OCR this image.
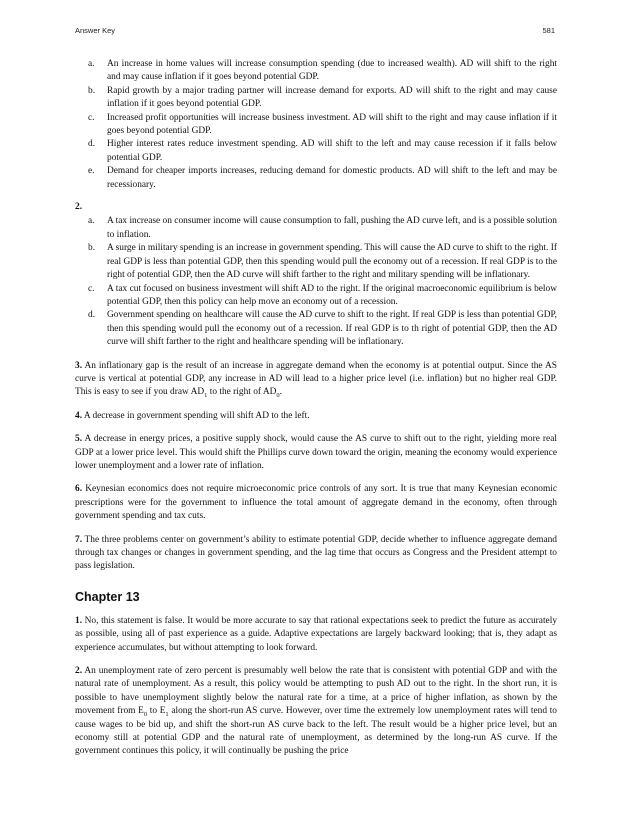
Answer Key	581
a. An increase in home values will increase consumption spending (due to increased wealth). AD will shift to the right and may cause inflation if it goes beyond potential GDP.
b. Rapid growth by a major trading partner will increase demand for exports. AD will shift to the right and may cause inflation if it goes beyond potential GDP.
c. Increased profit opportunities will increase business investment. AD will shift to the right and may cause inflation if it goes beyond potential GDP.
d. Higher interest rates reduce investment spending. AD will shift to the left and may cause recession if it falls below potential GDP.
e. Demand for cheaper imports increases, reducing demand for domestic products. AD will shift to the left and may be recessionary.
2.
a. A tax increase on consumer income will cause consumption to fall, pushing the AD curve left, and is a possible solution to inflation.
b. A surge in military spending is an increase in government spending. This will cause the AD curve to shift to the right. If real GDP is less than potential GDP, then this spending would pull the economy out of a recession. If real GDP is to the right of potential GDP, then the AD curve will shift farther to the right and military spending will be inflationary.
c. A tax cut focused on business investment will shift AD to the right. If the original macroeconomic equilibrium is below potential GDP, then this policy can help move an economy out of a recession.
d. Government spending on healthcare will cause the AD curve to shift to the right. If real GDP is less than potential GDP, then this spending would pull the economy out of a recession. If real GDP is to th right of potential GDP, then the AD curve will shift farther to the right and healthcare spending will be inflationary.

3. An inflationary gap is the result of an increase in aggregate demand when the economy is at potential output. Since the AS curve is vertical at potential GDP, any increase in AD will lead to a higher price level (i.e. inflation) but no higher real GDP. This is easy to see if you draw $AD_1$ to the right of $AD_0$.

4. A decrease in government spending will shift AD to the left.

5. A decrease in energy prices, a positive supply shock, would cause the AS curve to shift out to the right, yielding more real GDP at a lower price level. This would shift the Phillips curve down toward the origin, meaning the economy would experience lower unemployment and a lower rate of inflation.

6. Keynesian economics does not require microeconomic price controls of any sort. It is true that many Keynesian economic prescriptions were for the government to influence the total amount of aggregate demand in the economy, often through government spending and tax cuts.

7. The three problems center on government’s ability to estimate potential GDP, decide whether to influence aggregate demand through tax changes or changes in government spending, and the lag time that occurs as Congress and the President attempt to pass legislation.

Chapter 13

1. No, this statement is false. It would be more accurate to say that rational expectations seek to predict the future as accurately as possible, using all of past experience as a guide. Adaptive expectations are largely backward looking; that is, they adapt as experience accumulates, but without attempting to look forward.

2. An unemployment rate of zero percent is presumably well below the rate that is consistent with potential GDP and with the natural rate of unemployment. As a result, this policy would be attempting to push AD out to the right. In the short run, it is possible to have unemployment slightly below the natural rate for a time, at a price of higher inflation, as shown by the movement from $E_0$ to $E_1$ along the short-run AS curve. However, over time the extremely low unemployment rates will tend to cause wages to be bid up, and shift the short-run AS curve back to the left. The result would be a higher price level, but an economy still at potential GDP and the natural rate of unemployment, as determined by the long-run AS curve. If the government continues this policy, it will continually be pushing the price
